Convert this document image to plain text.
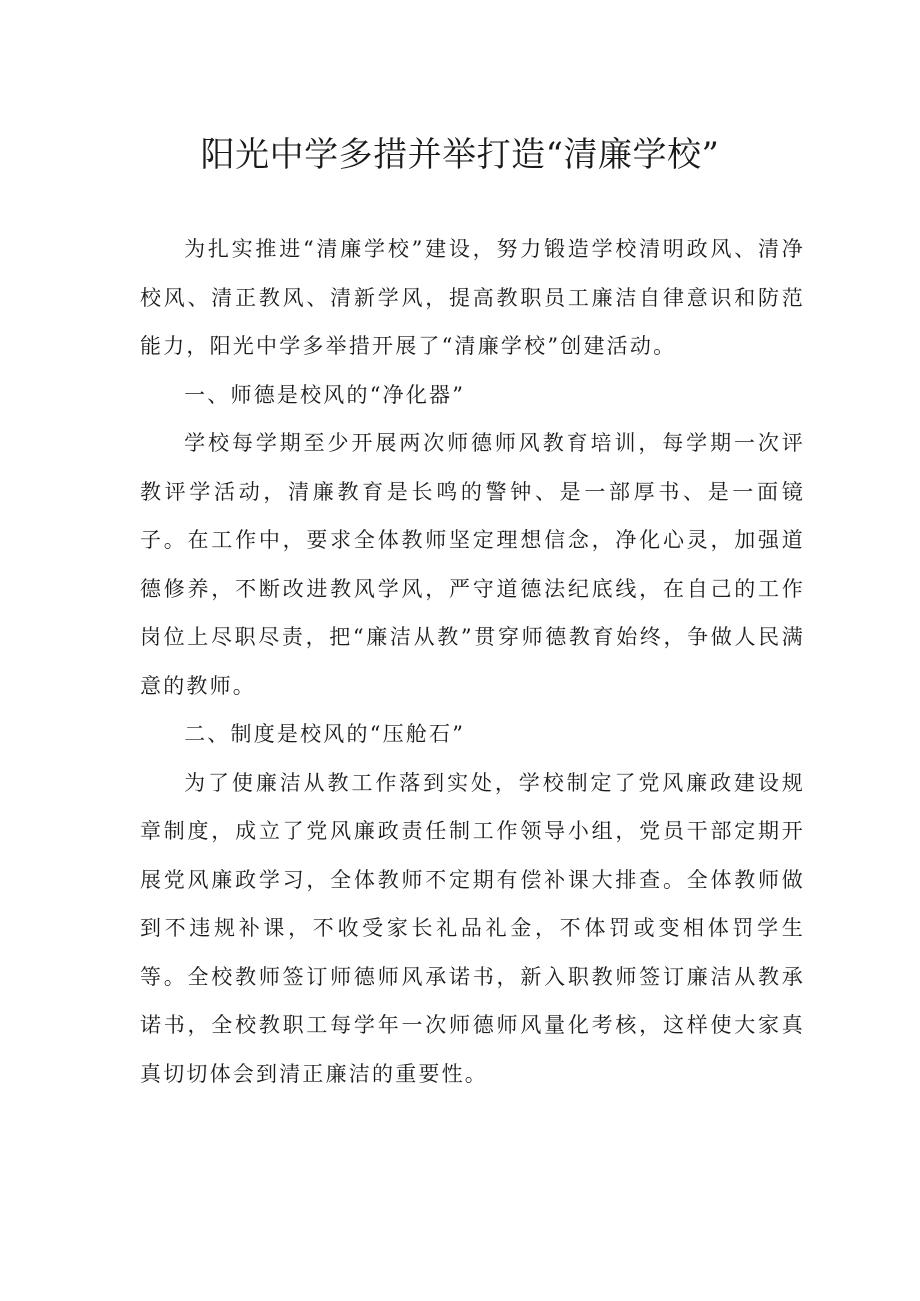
阳光中学多措并举打造“清廉学校”

为扎实推进“清廉学校”建设，努力锻造学校清明政风、清净校风、清正教风、清新学风，提高教职员工廉洁自律意识和防范能力，阳光中学多举措开展了“清廉学校”创建活动。

一、师德是校风的“净化器”

学校每学期至少开展两次师德师风教育培训，每学期一次评教评学活动，清廉教育是长鸣的警钟、是一部厚书、是一面镜子。在工作中，要求全体教师坚定理想信念，净化心灵，加强道德修养，不断改进教风学风，严守道德法纪底线，在自己的工作岗位上尽职尽责，把“廉洁从教”贯穿师德教育始终，争做人民满意的教师。

二、制度是校风的“压舱石”

为了使廉洁从教工作落到实处，学校制定了党风廉政建设规章制度，成立了党风廉政责任制工作领导小组，党员干部定期开展党风廉政学习，全体教师不定期有偿补课大排查。全体教师做到不违规补课，不收受家长礼品礼金，不体罚或变相体罚学生等。全校教师签订师德师风承诺书，新入职教师签订廉洁从教承诺书，全校教职工每学年一次师德师风量化考核，这样使大家真真切切体会到清正廉洁的重要性。
